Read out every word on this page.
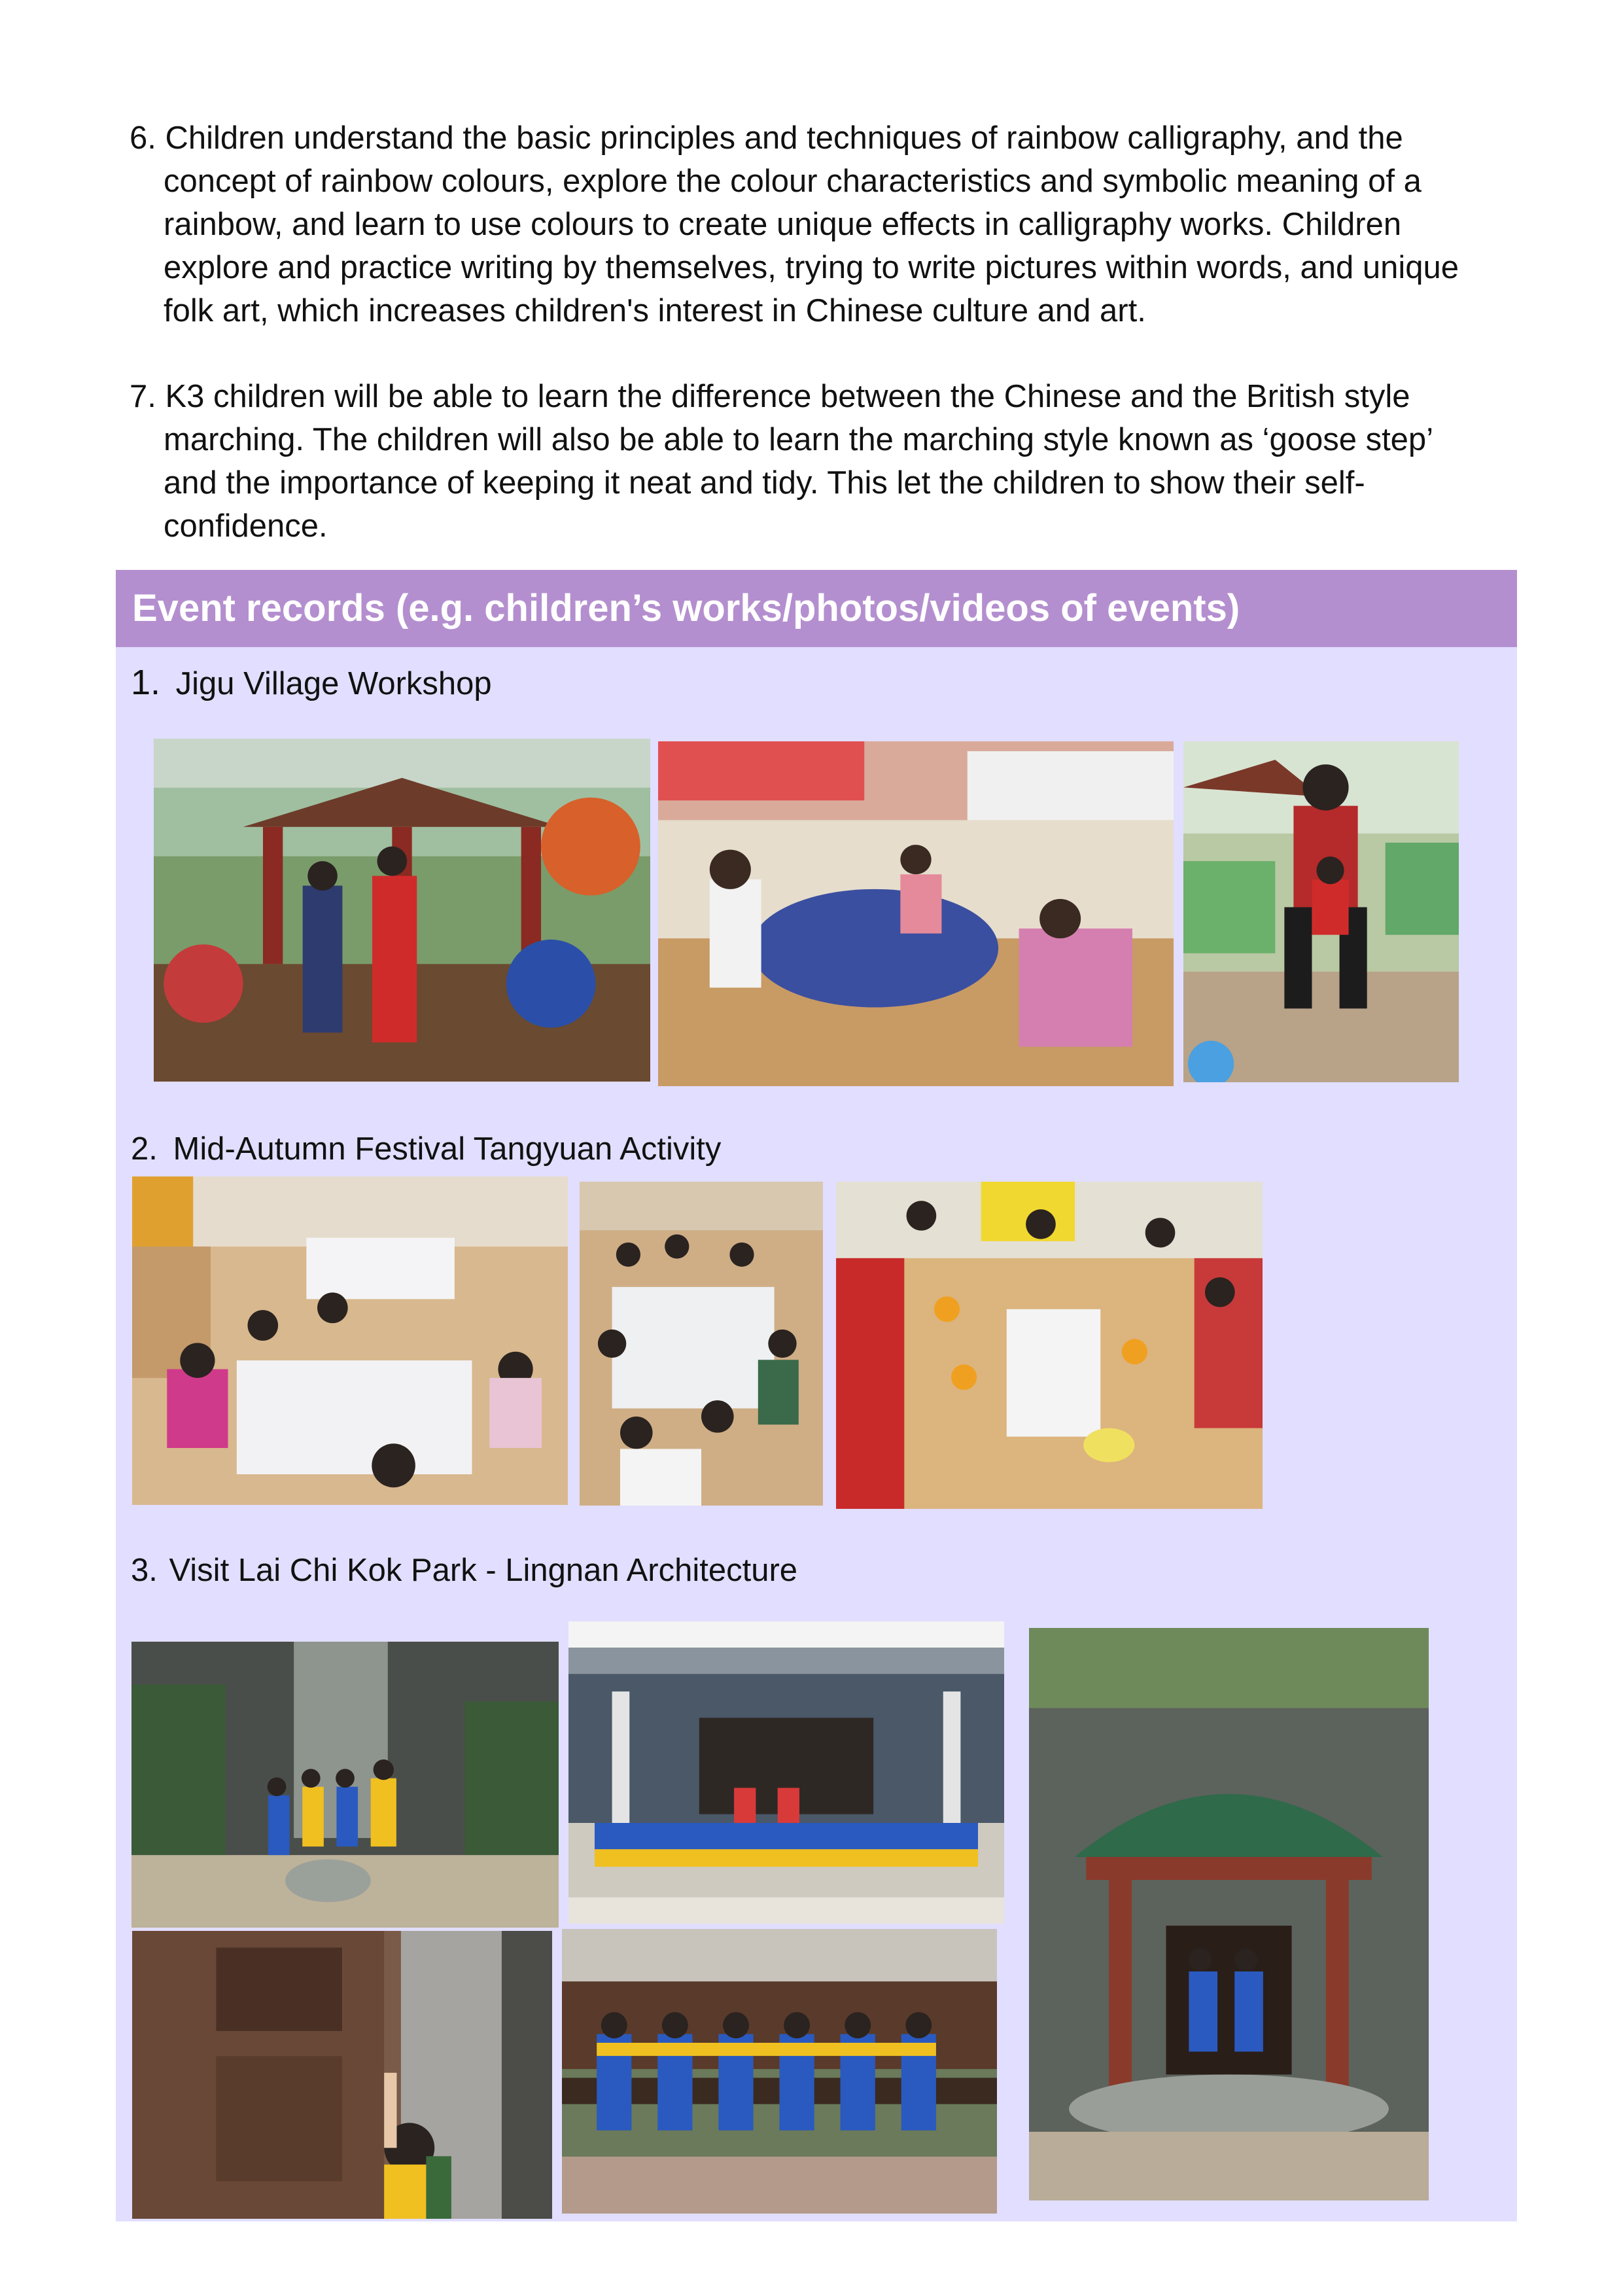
6. Children understand the basic principles and techniques of rainbow calligraphy, and the
concept of rainbow colours, explore the colour characteristics and symbolic meaning of a
rainbow, and learn to use colours to create unique effects in calligraphy works. Children
explore and practice writing by themselves, trying to write pictures within words, and unique
folk art, which increases children's interest in Chinese culture and art.
7. K3 children will be able to learn the difference between the Chinese and the British style
marching. The children will also be able to learn the marching style known as ‘goose step’
and the importance of keeping it neat and tidy. This let the children to show their self-
confidence.
Event records (e.g. children’s works/photos/videos of events)
1. Jigu Village Workshop
2. Mid-Autumn Festival Tangyuan Activity
3. Visit Lai Chi Kok Park - Lingnan Architecture
